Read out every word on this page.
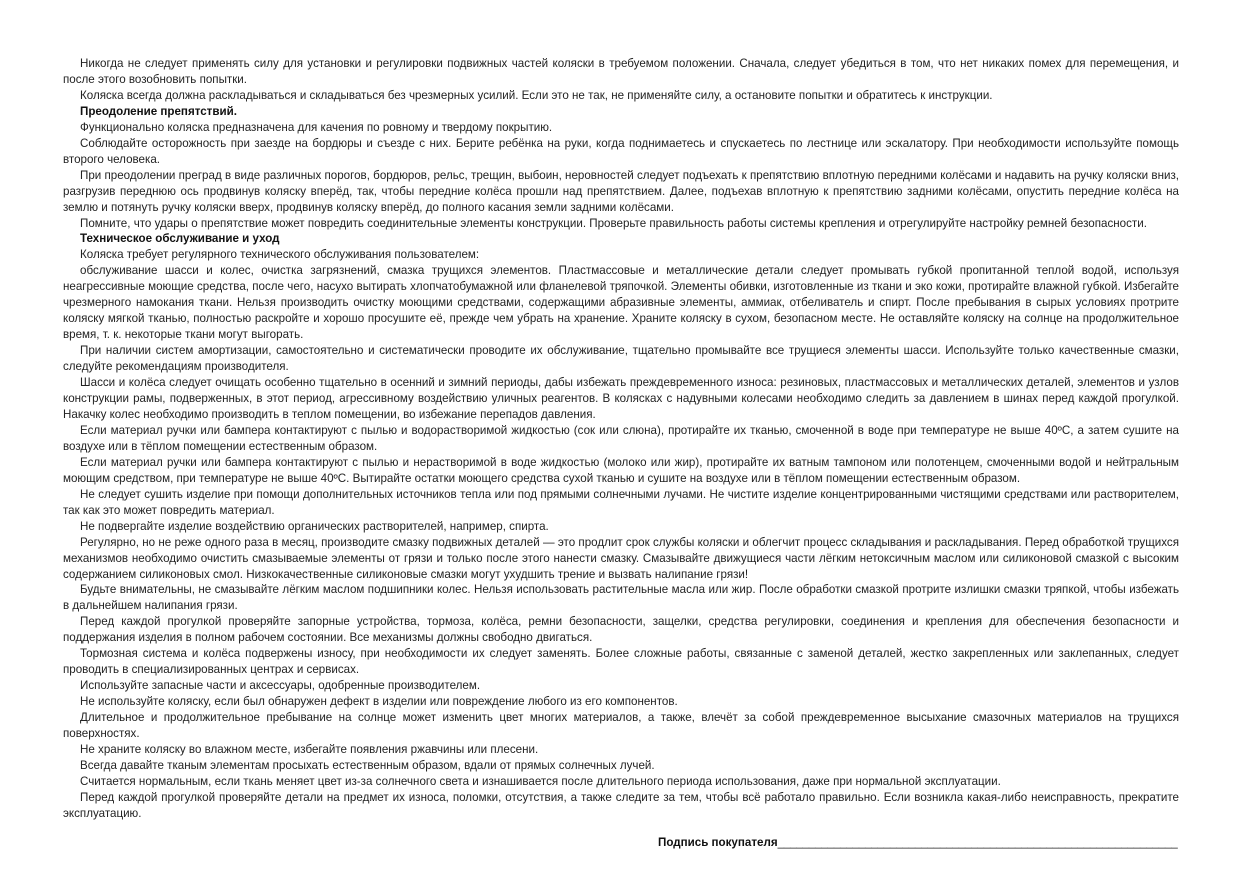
Никогда не следует применять силу для установки и регулировки подвижных частей коляски в требуемом положении. Сначала, следует убедиться в том, что нет никаких помех для перемещения, и после этого возобновить попытки.

Коляска всегда должна раскладываться и складываться без чрезмерных усилий. Если это не так, не применяйте силу, а остановите попытки и обратитесь к инструкции.

Преодоление препятствий.

Функционально коляска предназначена для качения по ровному и твердому покрытию.

Соблюдайте осторожность при заезде на бордюры и съезде с них. Берите ребёнка на руки, когда поднимаетесь и спускаетесь по лестнице или эскалатору. При необходимости используйте помощь второго человека.

При преодолении преград в виде различных порогов, бордюров, рельс, трещин, выбоин, неровностей следует подъехать к препятствию вплотную передними колёсами и надавить на ручку коляски вниз, разгрузив переднюю ось продвинув коляску вперёд, так, чтобы передние колёса прошли над препятствием. Далее, подъехав вплотную к препятствию задними колёсами, опустить передние колёса на землю и потянуть ручку коляски вверх, продвинув коляску вперёд, до полного касания земли задними колёсами.

Помните, что удары о препятствие может повредить соединительные элементы конструкции. Проверьте правильность работы системы крепления и отрегулируйте настройку ремней безопасности.

Техническое обслуживание и уход

Коляска требует регулярного технического обслуживания пользователем:

обслуживание шасси и колес, очистка загрязнений, смазка трущихся элементов. Пластмассовые и металлические детали следует промывать губкой пропитанной теплой водой, используя неагрессивные моющие средства, после чего, насухо вытирать хлопчатобумажной или фланелевой тряпочкой. Элементы обивки, изготовленные из ткани и эко кожи, протирайте влажной губкой. Избегайте чрезмерного намокания ткани. Нельзя производить очистку моющими средствами, содержащими абразивные элементы, аммиак, отбеливатель и спирт. После пребывания в сырых условиях протрите коляску мягкой тканью, полностью раскройте и хорошо просушите её, прежде чем убрать на хранение. Храните коляску в сухом, безопасном месте. Не оставляйте коляску на солнце на продолжительное время, т. к. некоторые ткани могут выгорать.

При наличии систем амортизации, самостоятельно и систематически проводите их обслуживание, тщательно промывайте все трущиеся элементы шасси. Используйте только качественные смазки, следуйте рекомендациям производителя.

Шасси и колёса следует очищать особенно тщательно в осенний и зимний периоды, дабы избежать преждевременного износа: резиновых, пластмассовых и металлических деталей, элементов и узлов конструкции рамы, подверженных, в этот период, агрессивному воздействию уличных реагентов. В колясках с надувными колесами необходимо следить за давлением в шинах перед каждой прогулкой. Накачку колес необходимо производить в теплом помещении, во избежание перепадов давления.

Если материал ручки или бампера контактируют с пылью и водорастворимой жидкостью (сок или слюна), протирайте их тканью, смоченной в воде при температуре не выше 40ºС, а затем сушите на воздухе или в тёплом помещении естественным образом.

Если материал ручки или бампера контактируют с пылью и нерастворимой в воде жидкостью (молоко или жир), протирайте их ватным тампоном или полотенцем, смоченными водой и нейтральным моющим средством, при температуре не выше 40ºС. Вытирайте остатки моющего средства сухой тканью и сушите на воздухе или в тёплом помещении естественным образом.

Не следует сушить изделие при помощи дополнительных источников тепла или под прямыми солнечными лучами. Не чистите изделие концентрированными чистящими средствами или растворителем, так как это может повредить материал.

Не подвергайте изделие воздействию органических растворителей, например, спирта.

Регулярно, но не реже одного раза в месяц, производите смазку подвижных деталей — это продлит срок службы коляски и облегчит процесс складывания и раскладывания. Перед обработкой трущихся механизмов необходимо очистить смазываемые элементы от грязи и только после этого нанести смазку. Смазывайте движущиеся части лёгким нетоксичным маслом или силиконовой смазкой с высоким содержанием силиконовых смол. Низкокачественные силиконовые смазки могут ухудшить трение и вызвать налипание грязи!

Будьте внимательны, не смазывайте лёгким маслом подшипники колес. Нельзя использовать растительные масла или жир. После обработки смазкой протрите излишки смазки тряпкой, чтобы избежать в дальнейшем налипания грязи.

Перед каждой прогулкой проверяйте запорные устройства, тормоза, колёса, ремни безопасности, защелки, средства регулировки, соединения и крепления для обеспечения безопасности и поддержания изделия в полном рабочем состоянии. Все механизмы должны свободно двигаться.

Тормозная система и колёса подвержены износу, при необходимости их следует заменять. Более сложные работы, связанные с заменой деталей, жестко закрепленных или заклепанных, следует проводить в специализированных центрах и сервисах.

Используйте запасные части и аксессуары, одобренные производителем.

Не используйте коляску, если был обнаружен дефект в изделии или повреждение любого из его компонентов.

Длительное и продолжительное пребывание на солнце может изменить цвет многих материалов, а также, влечёт за собой преждевременное высыхание смазочных материалов на трущихся поверхностях.

Не храните коляску во влажном месте, избегайте появления ржавчины или плесени.

Всегда давайте тканым элементам просыхать естественным образом, вдали от прямых солнечных лучей.

Считается нормальным, если ткань меняет цвет из-за солнечного света и изнашивается после длительного периода использования, даже при нормальной эксплуатации.

Перед каждой прогулкой проверяйте детали на предмет их износа, поломки, отсутствия, а также следите за тем, чтобы всё работало правильно. Если возникла какая-либо неисправность, прекратите эксплуатацию.

Подпись покупателя________________________________________________________________
